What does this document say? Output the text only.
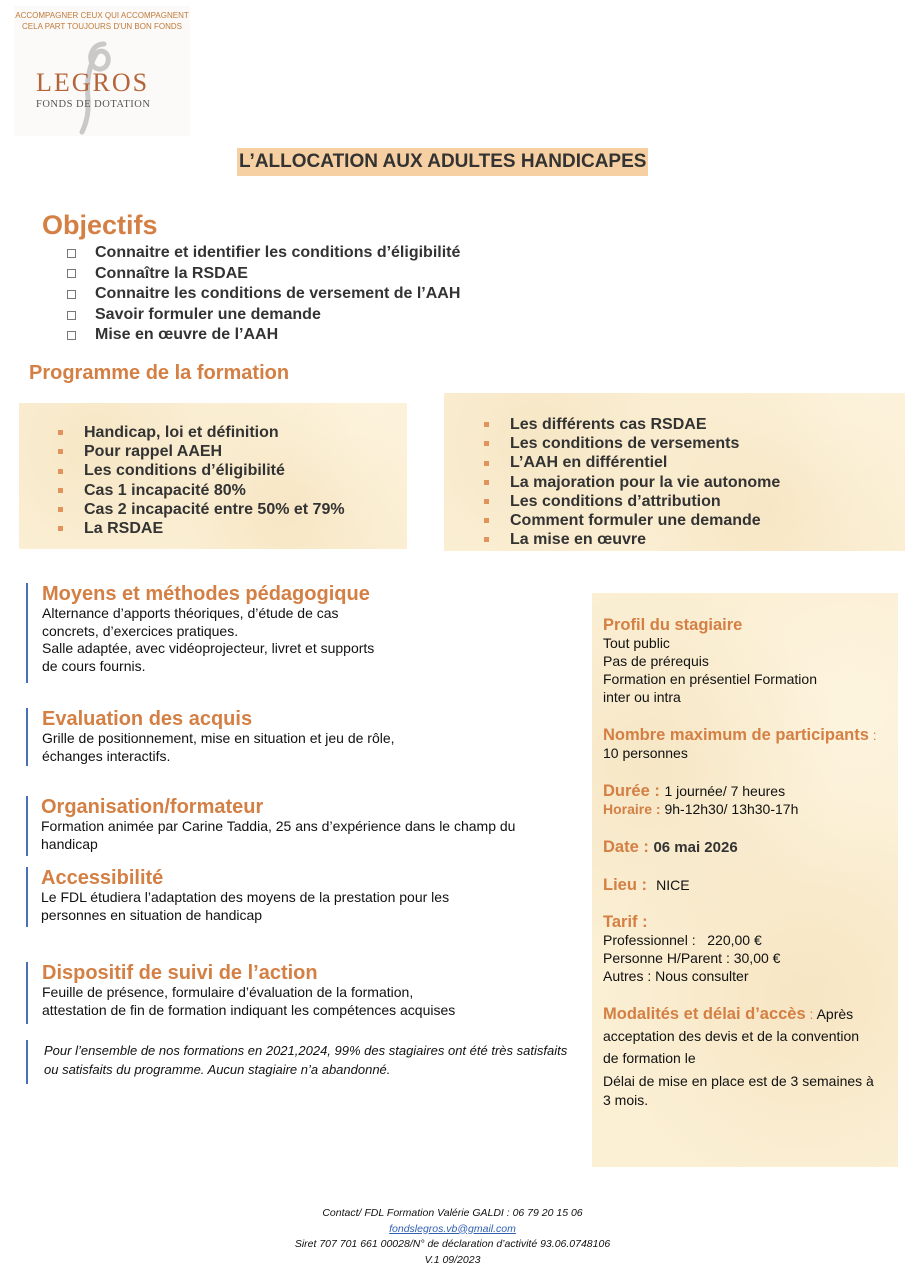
ACCOMPAGNER CEUX QUI ACCOMPAGNENT
CELA PART TOUJOURS D'UN BON FONDS
LEGROS
FONDS DE DOTATION
L’ALLOCATION AUX ADULTES HANDICAPES
Objectifs
Connaitre et identifier les conditions d’éligibilité
Connaître la RSDAE
Connaitre les conditions de versement de l’AAH
Savoir formuler une demande
Mise en œuvre de l’AAH
Programme de la formation
Handicap, loi et définition
Pour rappel AAEH
Les conditions d’éligibilité
Cas 1 incapacité 80%
Cas 2 incapacité entre 50% et 79%
La RSDAE
Les différents cas RSDAE
Les conditions de versements
L’AAH en différentiel
La majoration pour la vie autonome
Les conditions d’attribution
Comment formuler une demande
La mise en œuvre
Moyens et méthodes pédagogique

Alternance d’apports théoriques, d’étude de cas

concrets, d’exercices pratiques.

Salle adaptée, avec vidéoprojecteur, livret et supports

de cours fournis.

Evaluation des acquis

Grille de positionnement, mise en situation et jeu de rôle,

échanges interactifs.

Organisation/formateur

Formation animée par Carine Taddia, 25 ans d’expérience dans le champ du

handicap

Accessibilité

Le FDL étudiera l’adaptation des moyens de la prestation pour les

personnes en situation de handicap

Dispositif de suivi de l’action

Feuille de présence, formulaire d’évaluation de la formation,

attestation de fin de formation indiquant les compétences acquises

Pour l’ensemble de nos formations en 2021,2024, 99% des stagiaires ont été très satisfaits

ou satisfaits du programme. Aucun stagiaire n’a abandonné.

Profil du stagiaire
Tout public
Pas de prérequis
Formation en présentiel Formation
inter ou intra
Nombre maximum de participants :
10 personnes
Durée : 1 journée/ 7 heures
Horaire : 9h-12h30/ 13h30-17h
Date : 06 mai 2026
Lieu :  NICE
Tarif :
Professionnel :   220,00 €
Personne H/Parent : 30,00 €
Autres : Nous consulter
Modalités et délai d’accès : Après
acceptation des devis et de la convention
de formation le
Délai de mise en place est de 3 semaines à
3 mois.
Contact/ FDL Formation Valérie GALDI : 06 79 20 15 06
fondslegros.vb@gmail.com
Siret 707 701 661 00028/N° de déclaration d’activité 93.06.0748106
V.1 09/2023
